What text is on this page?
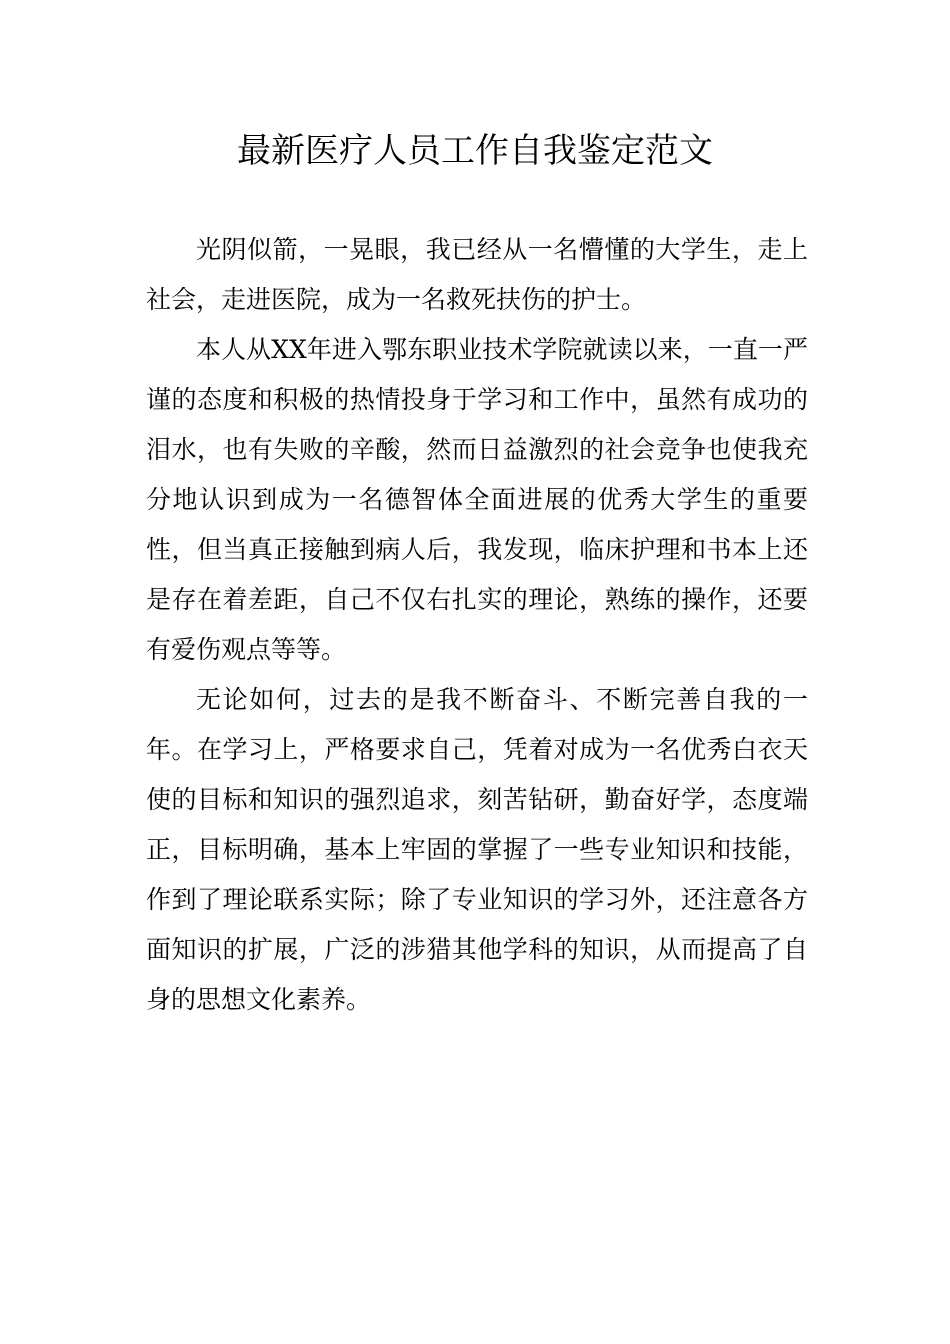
最新医疗人员工作自我鉴定范文

光阴似箭，一晃眼，我已经从一名懵懂的大学生，走上社会，走进医院，成为一名救死扶伤的护士。

本人从XX年进入鄂东职业技术学院就读以来，一直一严谨的态度和积极的热情投身于学习和工作中，虽然有成功的泪水，也有失败的辛酸，然而日益激烈的社会竞争也使我充分地认识到成为一名德智体全面进展的优秀大学生的重要性，但当真正接触到病人后，我发现，临床护理和书本上还是存在着差距，自己不仅右扎实的理论，熟练的操作，还要有爱伤观点等等。

无论如何，过去的是我不断奋斗、不断完善自我的一年。在学习上，严格要求自己，凭着对成为一名优秀白衣天使的目标和知识的强烈追求，刻苦钻研，勤奋好学，态度端正，目标明确，基本上牢固的掌握了一些专业知识和技能，作到了理论联系实际；除了专业知识的学习外，还注意各方面知识的扩展，广泛的涉猎其他学科的知识，从而提高了自身的思想文化素养。
